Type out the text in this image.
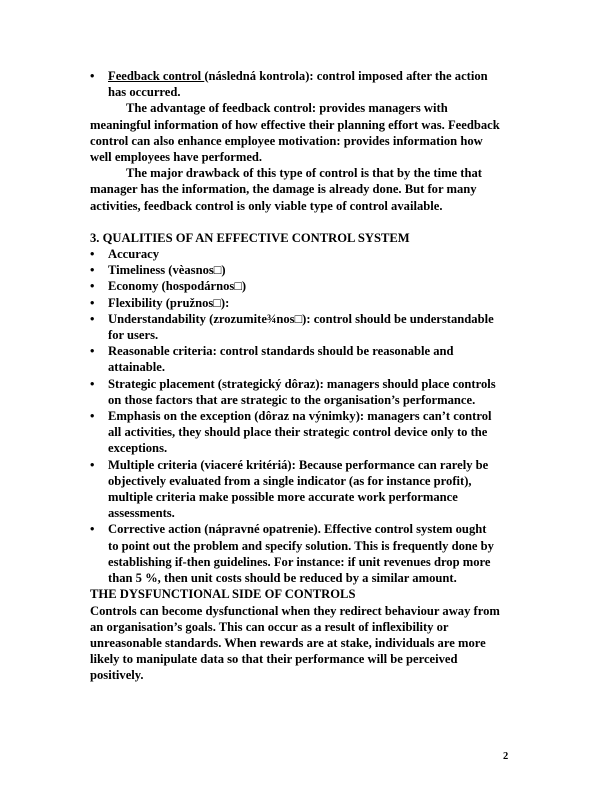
•	Feedback control (následná kontrola): control imposed after the action has occurred.

The advantage of feedback control: provides managers with meaningful information of how effective their planning effort was. Feedback control can also enhance employee motivation: provides information how well employees have performed.

The major drawback of this type of control is that by the time that manager has the information, the damage is already done. But for many activities, feedback control is only viable type of control available.

3. QUALITIES OF AN EFFECTIVE CONTROL SYSTEM
•	Accuracy
•	Timeliness (vèasnos□)
•	Economy (hospodárnos□)
•	Flexibility (pružnos□):
•	Understandability (zrozumite¾nos□): control should be understandable for users.
•	Reasonable criteria: control standards should be reasonable and attainable.
•	Strategic placement (strategický dôraz): managers should place controls on those factors that are strategic to the organisation’s performance.
•	Emphasis on the exception (dôraz na výnimky): managers can’t control all activities, they should place their strategic control device only to the exceptions.
•	Multiple criteria (viaceré kritériá): Because performance can rarely be objectively evaluated from a single indicator (as for instance profit), multiple criteria make possible more accurate work performance assessments.
•	Corrective action (nápravné opatrenie). Effective control system ought to point out the problem and specify solution. This is frequently done by establishing if-then guidelines. For instance: if unit revenues drop more than 5 %, then unit costs should be reduced by a similar amount.
THE DYSFUNCTIONAL SIDE OF CONTROLS

Controls can become dysfunctional when they redirect behaviour away from an organisation’s goals. This can occur as a result of inflexibility or unreasonable standards. When rewards are at stake, individuals are more likely to manipulate data so that their performance will be perceived positively.

2
